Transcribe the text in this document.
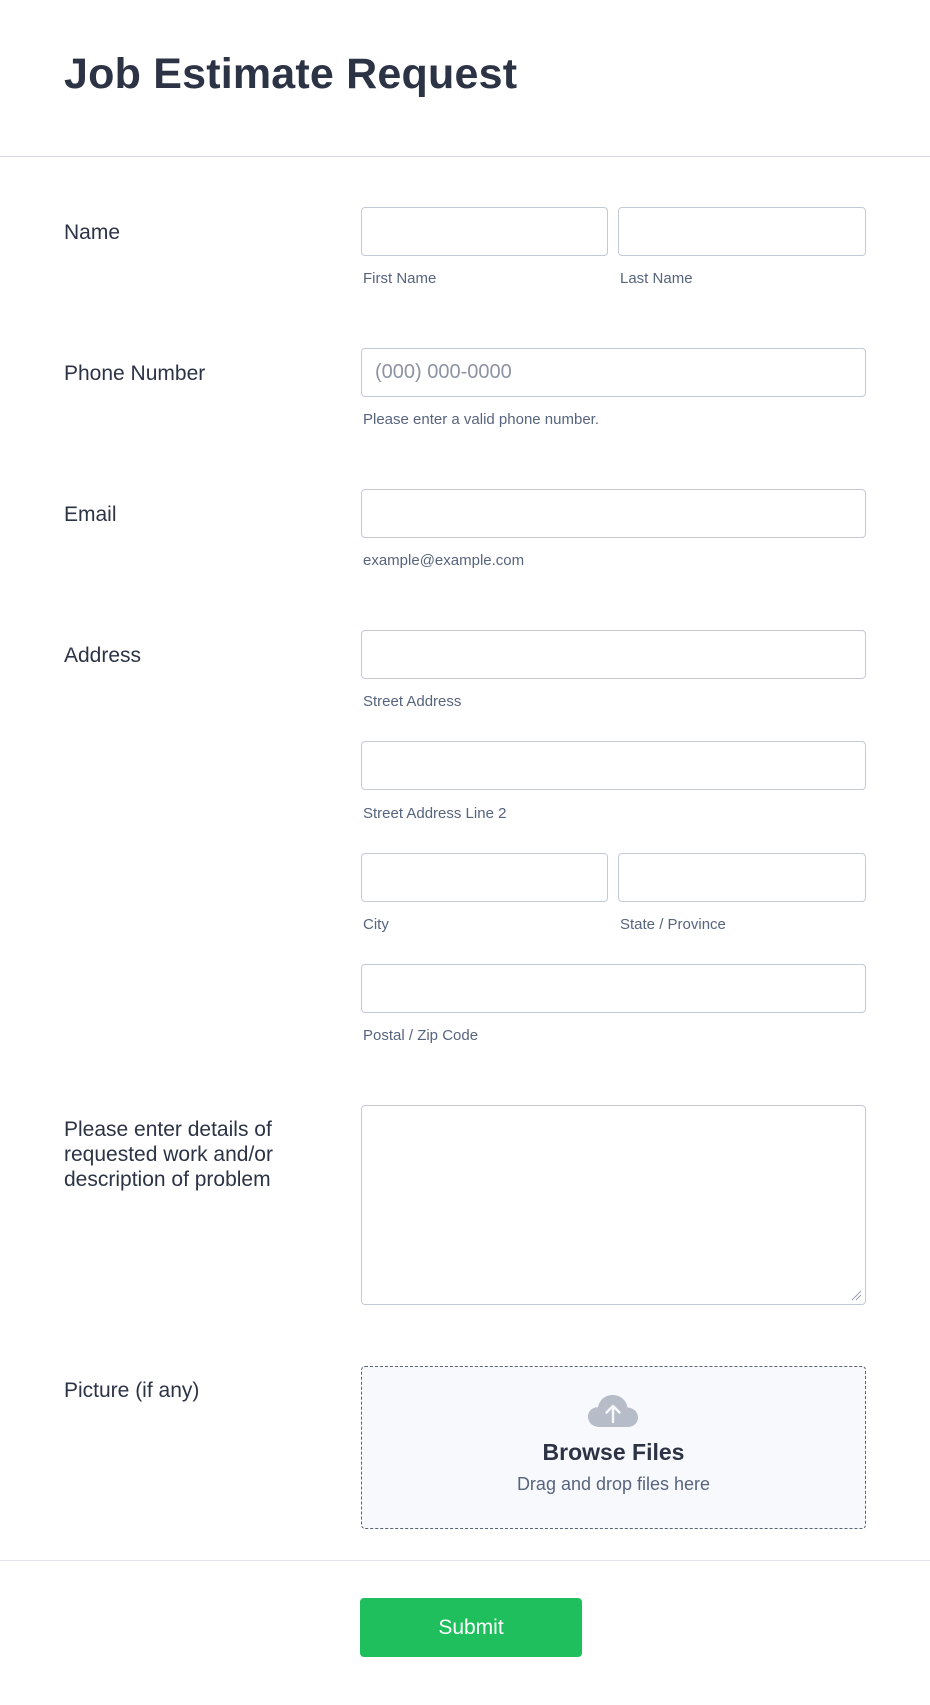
Job Estimate Request
Name
First Name	Last Name
Phone Number
(000) 000-0000
Please enter a valid phone number.
Email
example@example.com
Address
Street Address
Street Address Line 2
City	State / Province
Postal / Zip Code
Please enter details of
requested work and/or
description of problem
Picture (if any)
Browse Files
Drag and drop files here
Submit
